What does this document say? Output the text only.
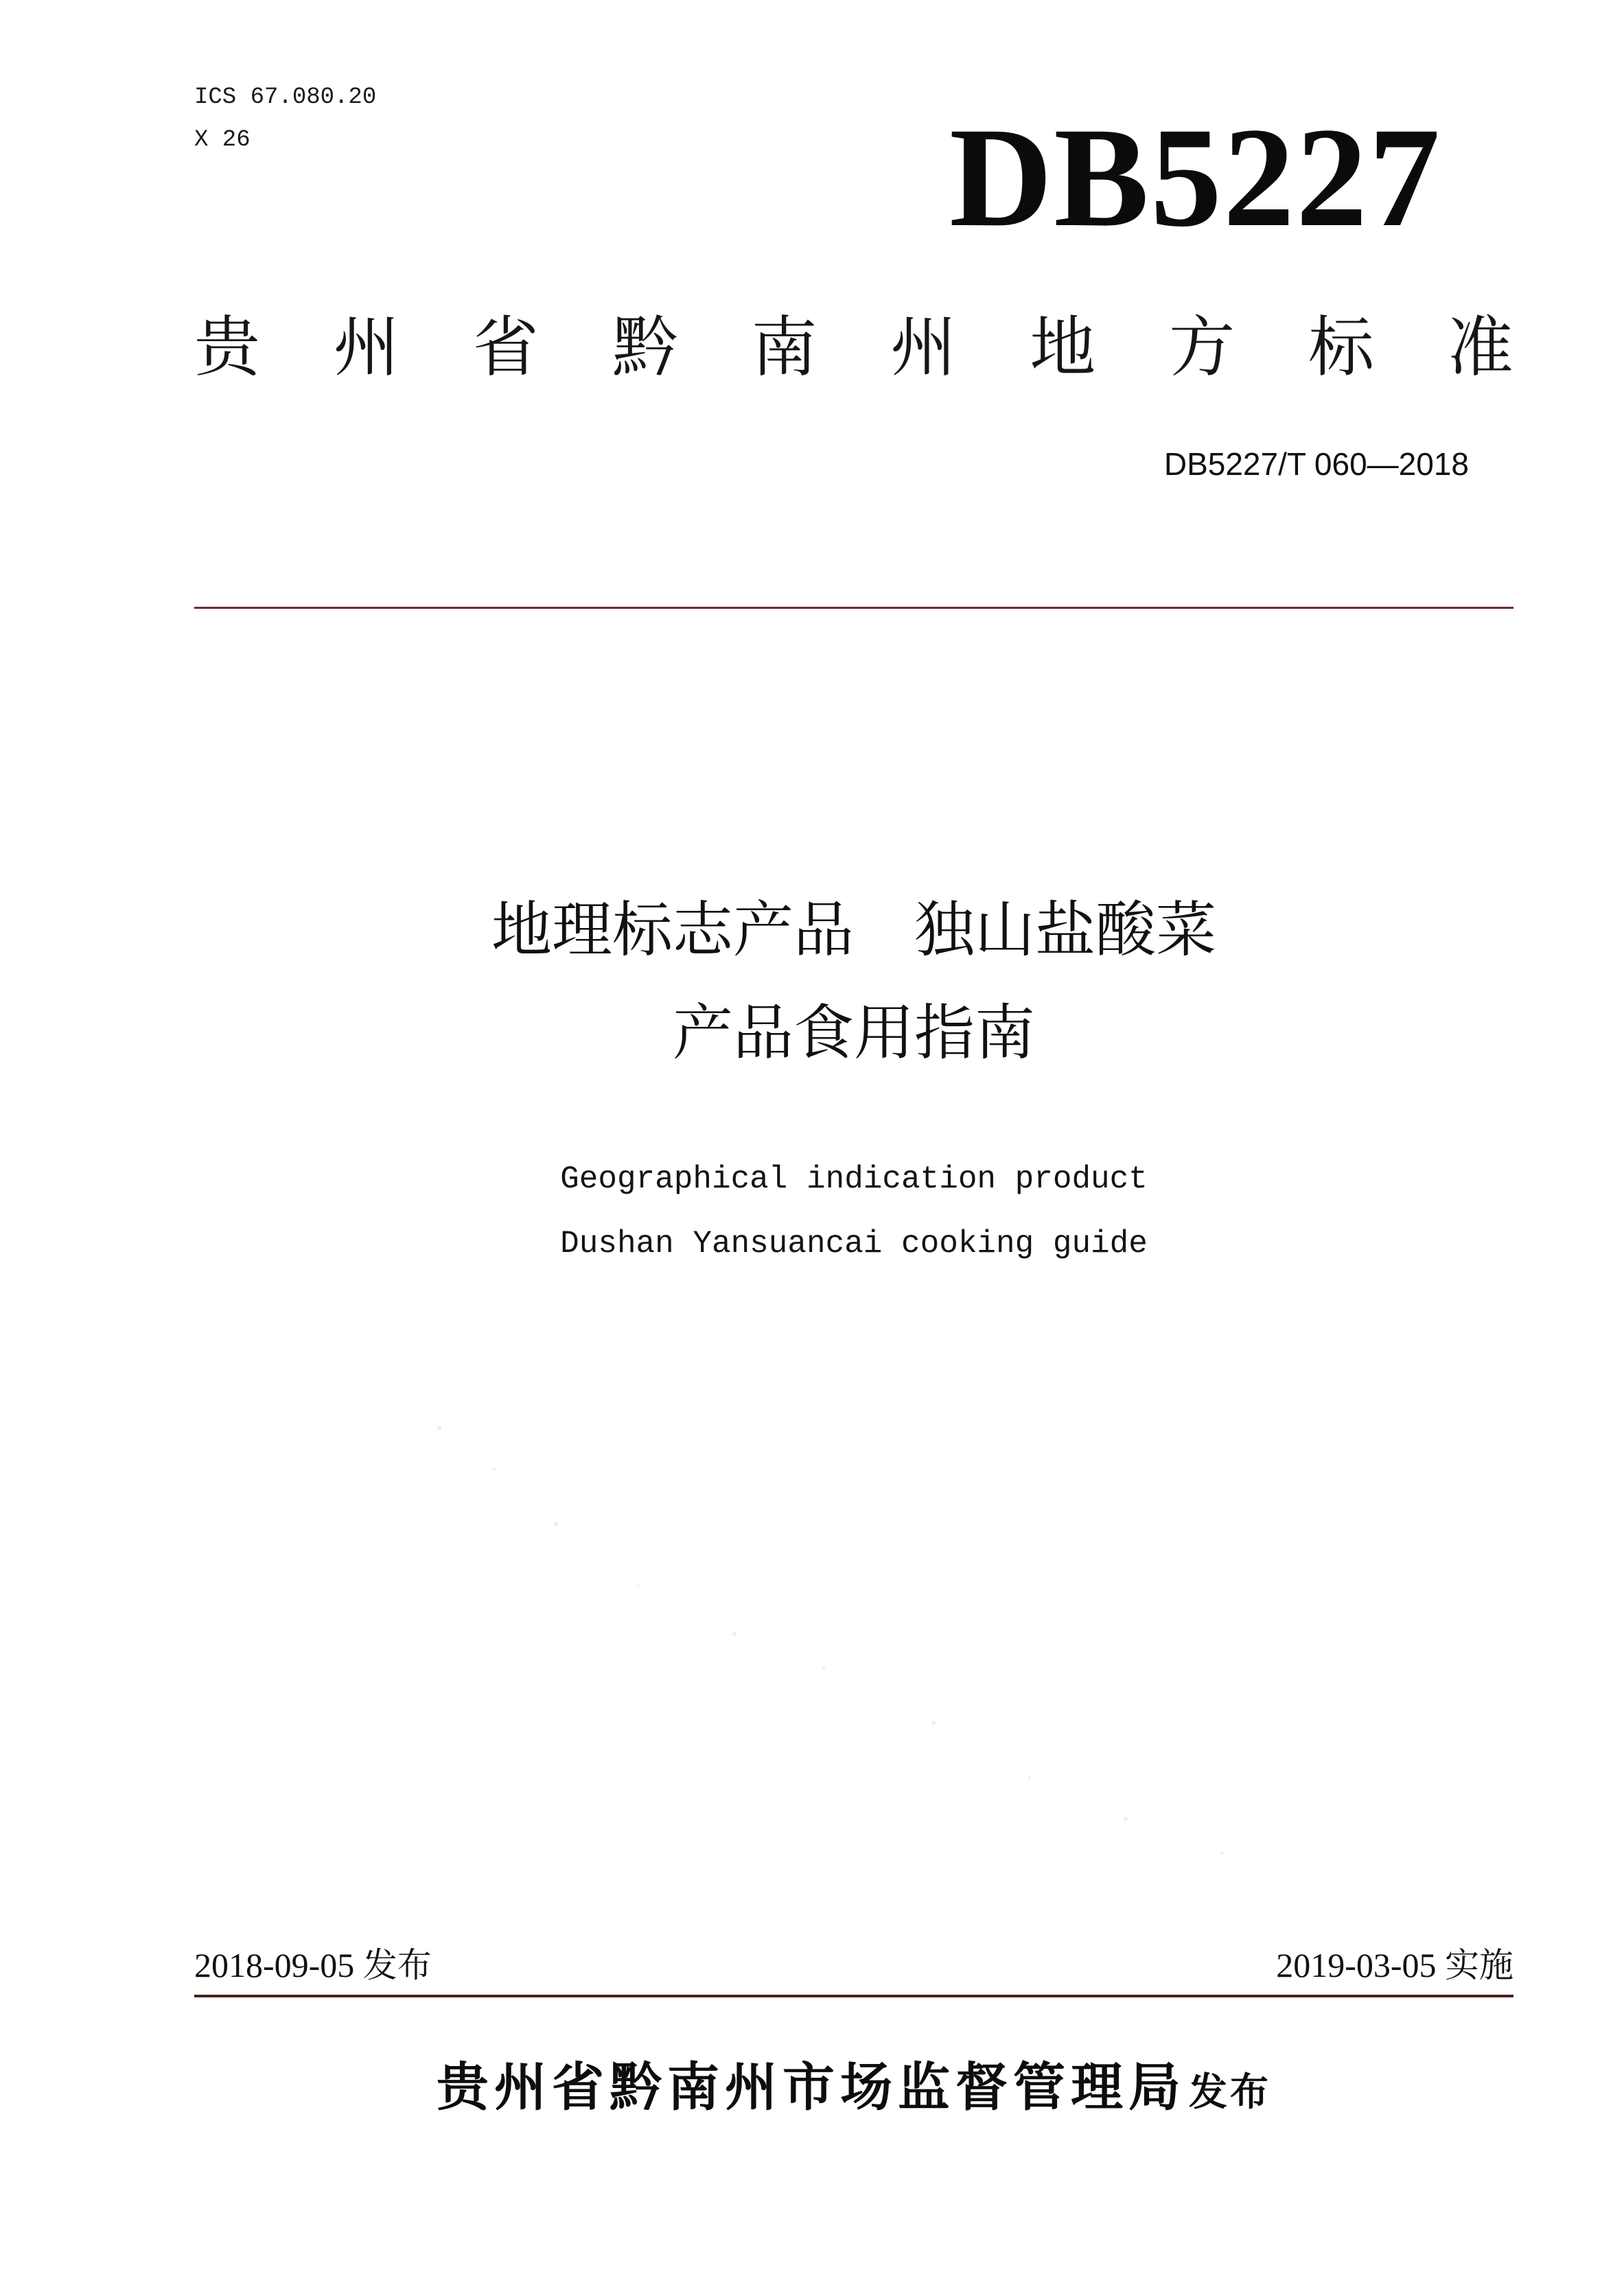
ICS 67.080.20
X 26	DB5227
贵 州 省 黔 南 州 地 方 标 准
DB5227/T 060—2018
地理标志产品　独山盐酸菜
产品食用指南
Geographical indication product
Dushan Yansuancai cooking guide
2018-09-05 发布	2019-03-05 实施
贵州省黔南州市场监督管理局发布
